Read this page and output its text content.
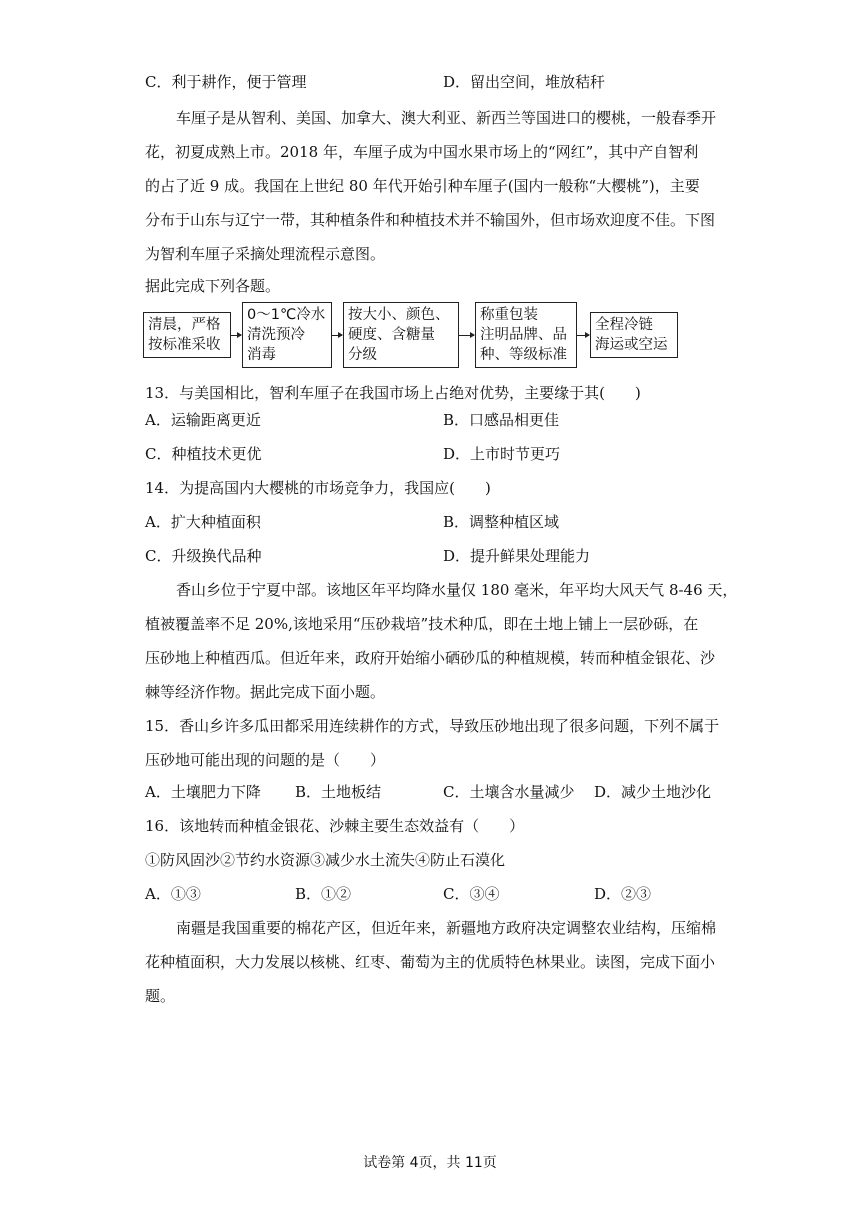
C．利于耕作，便于管理	D．留出空间，堆放秸秆
车厘子是从智利、美国、加拿大、澳大利亚、新西兰等国进口的樱桃，一般春季开
花，初夏成熟上市。2018 年，车厘子成为中国水果市场上的“网红”，其中产自智利
的占了近 9 成。我国在上世纪 80 年代开始引种车厘子(国内一般称“大樱桃”)，主要
分布于山东与辽宁一带，其种植条件和种植技术并不输国外，但市场欢迎度不佳。下图
为智利车厘子采摘处理流程示意图。
据此完成下列各题。
清晨，严格
按标准采收
0～1℃冷水
清洗预冷
消毒
按大小、颜色、
硬度、含糖量
分级
称重包装
注明品牌、品
种、等级标准
全程冷链
海运或空运
13．与美国相比，智利车厘子在我国市场上占绝对优势，主要缘于其(　　)
A．运输距离更近	B．口感品相更佳
C．种植技术更优	D．上市时节更巧
14．为提高国内大樱桃的市场竞争力，我国应(　　)
A．扩大种植面积	B．调整种植区域
C．升级换代品种	D．提升鲜果处理能力
香山乡位于宁夏中部。该地区年平均降水量仅 180 毫米，年平均大风天气 8-46 天，
植被覆盖率不足 20%,该地采用“压砂栽培”技术种瓜，即在土地上铺上一层砂砾，在
压砂地上种植西瓜。但近年来，政府开始缩小硒砂瓜的种植规模，转而种植金银花、沙
棘等经济作物。据此完成下面小题。
15．香山乡许多瓜田都采用连续耕作的方式，导致压砂地出现了很多问题，下列不属于
压砂地可能出现的问题的是（　　）
A．土壤肥力下降 B．土地板结	C．土壤含水量减少 D．减少土地沙化
16．该地转而种植金银花、沙棘主要生态效益有（　　）
①防风固沙②节约水资源③减少水土流失④防止石漠化
A．①③	B．①②	C．③④	D．②③
南疆是我国重要的棉花产区，但近年来，新疆地方政府决定调整农业结构，压缩棉
花种植面积，大力发展以核桃、红枣、葡萄为主的优质特色林果业。读图，完成下面小
题。
试卷第 4页，共 11页
